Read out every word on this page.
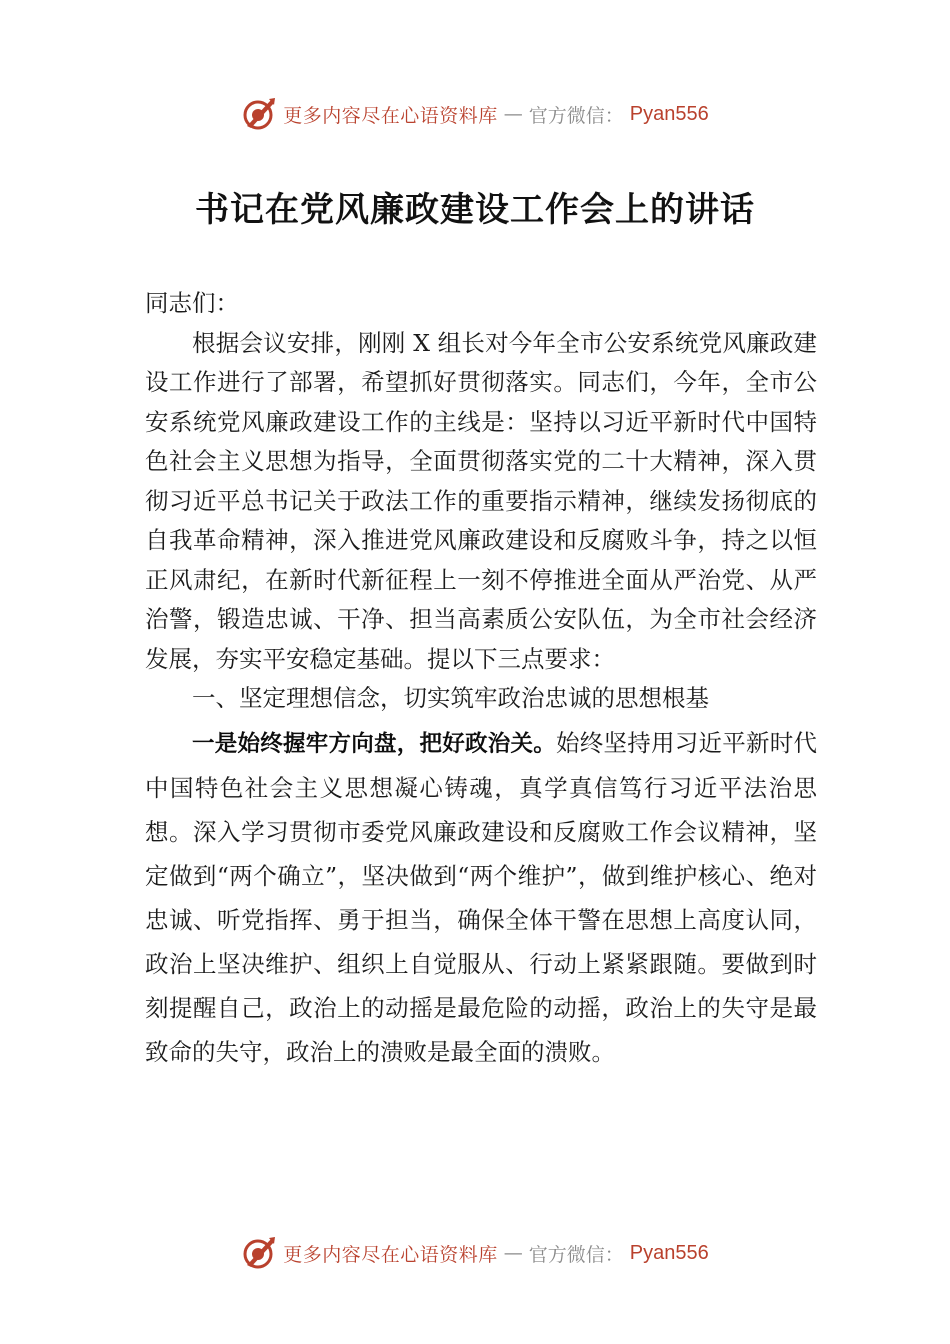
更多内容尽在心语资料库 — 官方微信： Pyan556
书记在党风廉政建设工作会上的讲话

同志们：

根据会议安排，刚刚 X 组长对今年全市公安系统党风廉政建设工作进行了部署，希望抓好贯彻落实。同志们，今年，全市公安系统党风廉政建设工作的主线是：坚持以习近平新时代中国特色社会主义思想为指导，全面贯彻落实党的二十大精神，深入贯彻习近平总书记关于政法工作的重要指示精神，继续发扬彻底的自我革命精神，深入推进党风廉政建设和反腐败斗争，持之以恒正风肃纪，在新时代新征程上一刻不停推进全面从严治党、从严治警，锻造忠诚、干净、担当高素质公安队伍，为全市社会经济发展，夯实平安稳定基础。提以下三点要求：

一、坚定理想信念，切实筑牢政治忠诚的思想根基

一是始终握牢方向盘，把好政治关。始终坚持用习近平新时代中国特色社会主义思想凝心铸魂，真学真信笃行习近平法治思想。深入学习贯彻市委党风廉政建设和反腐败工作会议精神，坚定做到“两个确立”，坚决做到“两个维护”，做到维护核心、绝对忠诚、听党指挥、勇于担当，确保全体干警在思想上高度认同，政治上坚决维护、组织上自觉服从、行动上紧紧跟随。要做到时刻提醒自己，政治上的动摇是最危险的动摇，政治上的失守是最致命的失守，政治上的溃败是最全面的溃败。

更多内容尽在心语资料库 — 官方微信： Pyan556
